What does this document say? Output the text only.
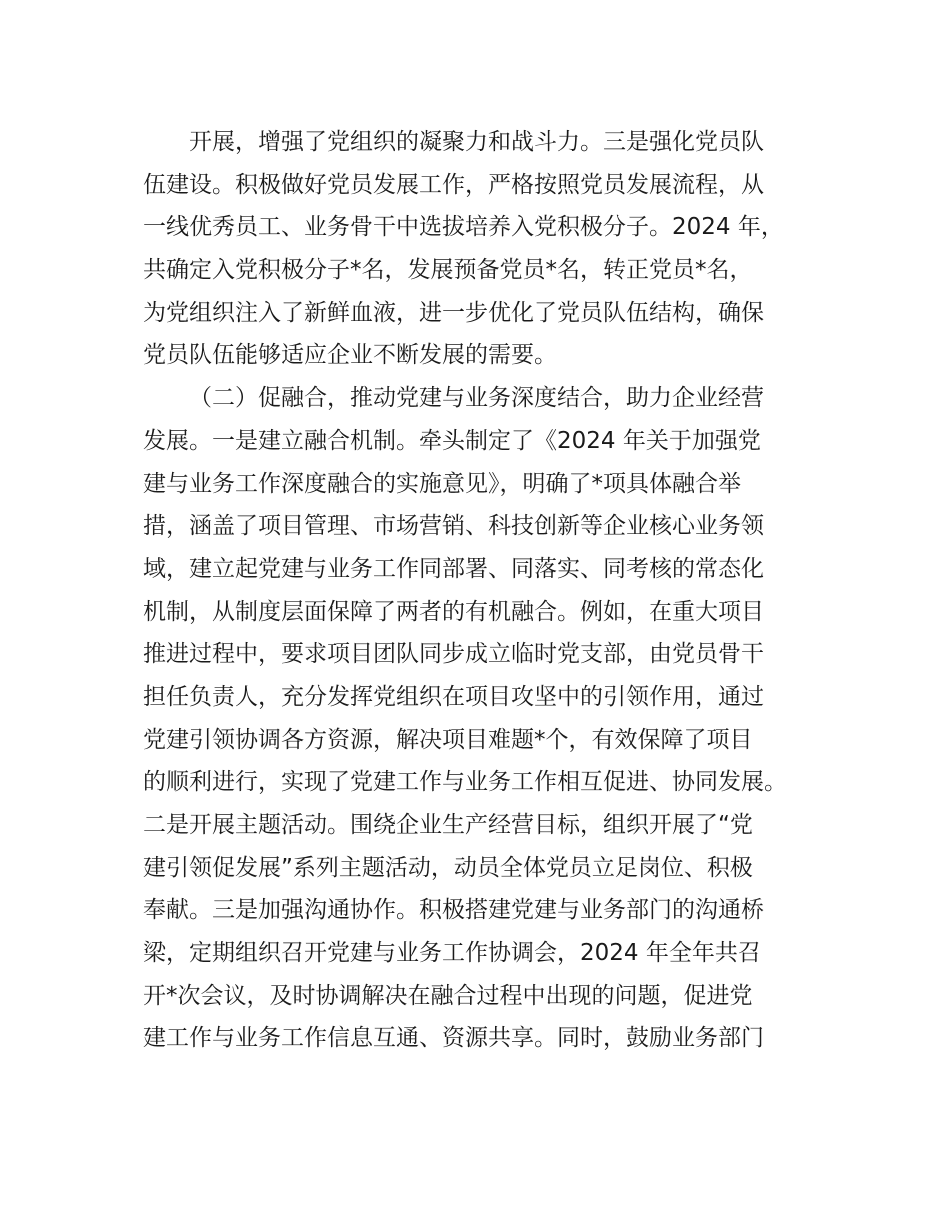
开展，增强了党组织的凝聚力和战斗力。三是强化党员队
伍建设。积极做好党员发展工作，严格按照党员发展流程，从
一线优秀员工、业务骨干中选拔培养入党积极分子。2024 年，
共确定入党积极分子*名，发展预备党员*名，转正党员*名，
为党组织注入了新鲜血液，进一步优化了党员队伍结构，确保
党员队伍能够适应企业不断发展的需要。
（二）促融合，推动党建与业务深度结合，助力企业经营
发展。一是建立融合机制。牵头制定了《2024 年关于加强党
建与业务工作深度融合的实施意见》，明确了*项具体融合举
措，涵盖了项目管理、市场营销、科技创新等企业核心业务领
域，建立起党建与业务工作同部署、同落实、同考核的常态化
机制，从制度层面保障了两者的有机融合。例如，在重大项目
推进过程中，要求项目团队同步成立临时党支部，由党员骨干
担任负责人，充分发挥党组织在项目攻坚中的引领作用，通过
党建引领协调各方资源，解决项目难题*个，有效保障了项目
的顺利进行，实现了党建工作与业务工作相互促进、协同发展。
二是开展主题活动。围绕企业生产经营目标，组织开展了“党
建引领促发展”系列主题活动，动员全体党员立足岗位、积极
奉献。三是加强沟通协作。积极搭建党建与业务部门的沟通桥
梁，定期组织召开党建与业务工作协调会，2024 年全年共召
开*次会议，及时协调解决在融合过程中出现的问题，促进党
建工作与业务工作信息互通、资源共享。同时，鼓励业务部门
